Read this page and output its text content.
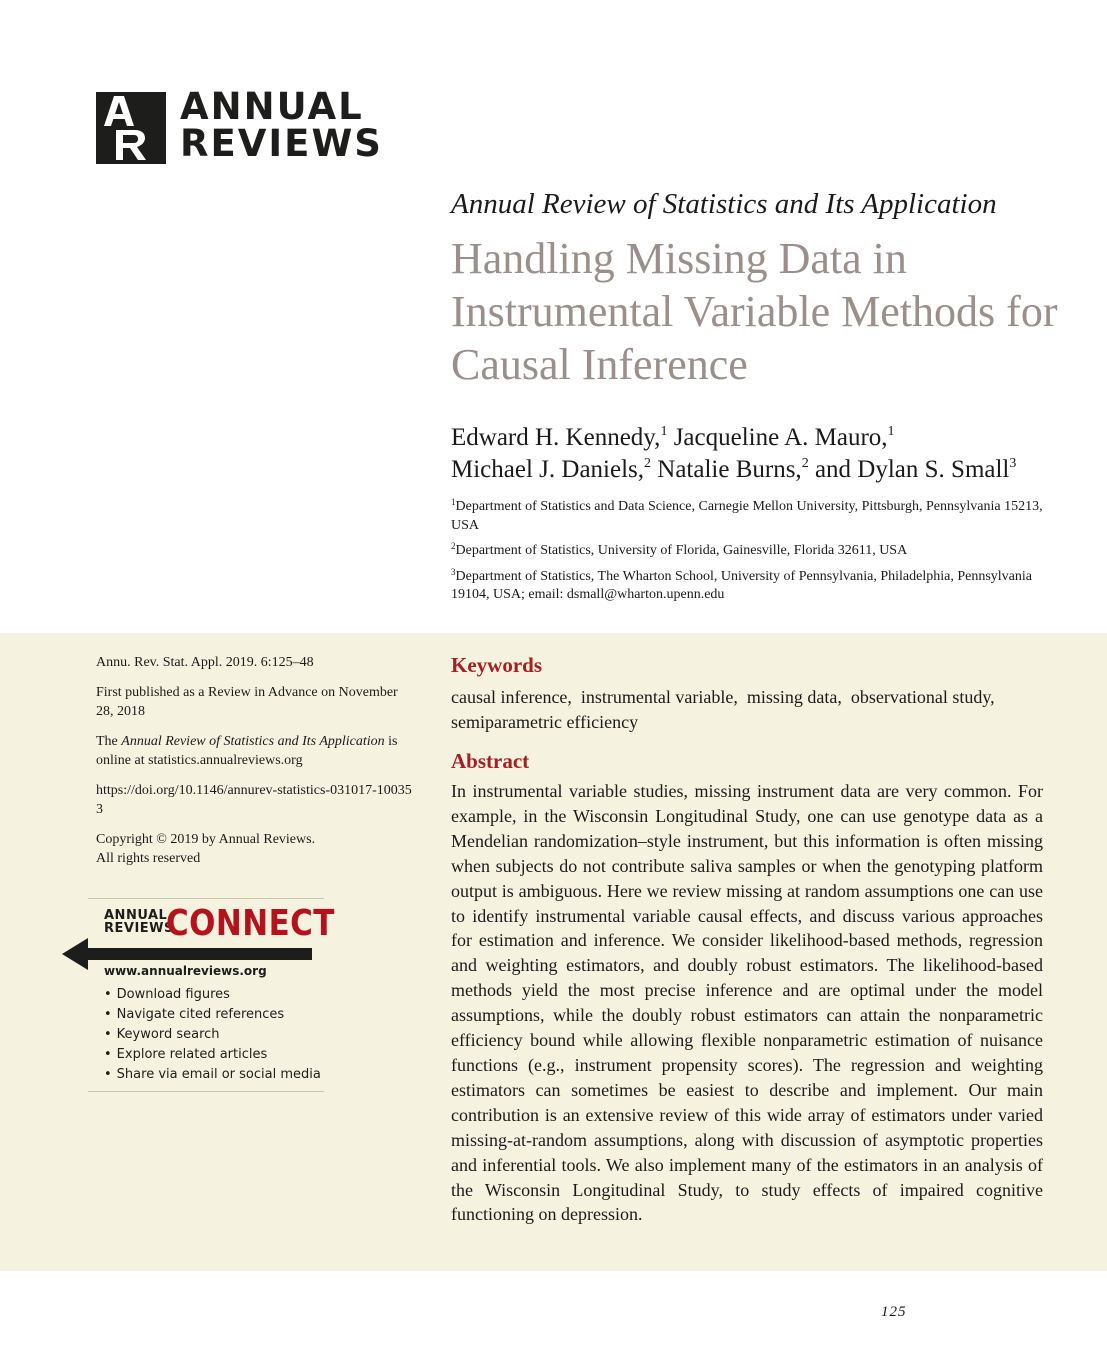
ANNUAL
REVIEWS
Annual Review of Statistics and Its Application
Handling Missing Data in Instrumental Variable Methods for Causal Inference
Edward H. Kennedy,$^1$ Jacqueline A. Mauro,$^1$
Michael J. Daniels,$^2$ Natalie Burns,$^2$ and Dylan S. Small$^3$

$^1$Department of Statistics and Data Science, Carnegie Mellon University, Pittsburgh, Pennsylvania 15213, USA

$^2$Department of Statistics, University of Florida, Gainesville, Florida 32611, USA

$^3$Department of Statistics, The Wharton School, University of Pennsylvania, Philadelphia, Pennsylvania 19104, USA; email: dsmall@wharton.upenn.edu

Annu. Rev. Stat. Appl. 2019. 6:125–48

First published as a Review in Advance on November 28, 2018

The Annual Review of Statistics and Its Application is online at statistics.annualreviews.org

https://doi.org/10.1146/annurev-statistics-031017-100353

Copyright © 2019 by Annual Reviews.
All rights reserved

ANNUAL
REVIEWS
CONNECT
www.annualreviews.org
• Download figures
• Navigate cited references
• Keyword search
• Explore related articles
• Share via email or social media
Keywords

causal inference, instrumental variable, missing data, observational study, semiparametric efficiency

Abstract

In instrumental variable studies, missing instrument data are very common. For example, in the Wisconsin Longitudinal Study, one can use genotype data as a Mendelian randomization–style instrument, but this information is often missing when subjects do not contribute saliva samples or when the genotyping platform output is ambiguous. Here we review missing at random assumptions one can use to identify instrumental variable causal effects, and discuss various approaches for estimation and inference. We consider likelihood-based methods, regression and weighting estimators, and doubly robust estimators. The likelihood-based methods yield the most precise inference and are optimal under the model assumptions, while the doubly robust estimators can attain the nonparametric efficiency bound while allowing flexible nonparametric estimation of nuisance functions (e.g., instrument propensity scores). The regression and weighting estimators can sometimes be easiest to describe and implement. Our main contribution is an extensive review of this wide array of estimators under varied missing-at-random assumptions, along with discussion of asymptotic properties and inferential tools. We also implement many of the estimators in an analysis of the Wisconsin Longitudinal Study, to study effects of impaired cognitive functioning on depression.

125
